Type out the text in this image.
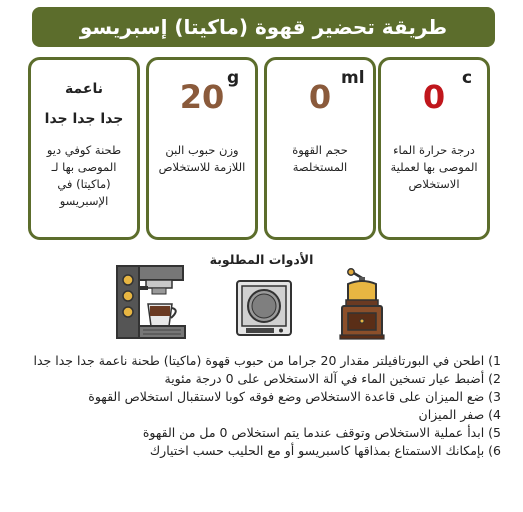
طريقة تحضير قهوة (ماكيتا) إسبريسو
0 c
درجة حرارة الماء الموصى بها لعملية الاستخلاص
0 ml
حجم القهوة المستخلصة
20 g
وزن حبوب البن اللازمة للاستخلاص
ناعمة
جدا جدا جدا
طحنة كوفي ديو الموصى بها لـ (ماكيتا) في الإسبريسو
الأدوات المطلوبة
1) اطحن في البورتافيلتر مقدار 20 جراما من حبوب قهوة (ماكيتا) طحنة ناعمة جدا جدا جدا
2) أضبط عيار تسخين الماء في آلة الاستخلاص على 0 درجة مئوية
3) ضع الميزان على قاعدة الاستخلاص وضع فوقه كوبا لاستقبال استخلاص القهوة
4) صفر الميزان
5) ابدأ عملية الاستخلاص وتوقف عندما يتم استخلاص 0 مل من القهوة
6) بإمكانك الاستمتاع بمذاقها كاسبريسو أو مع الحليب حسب اختيارك
